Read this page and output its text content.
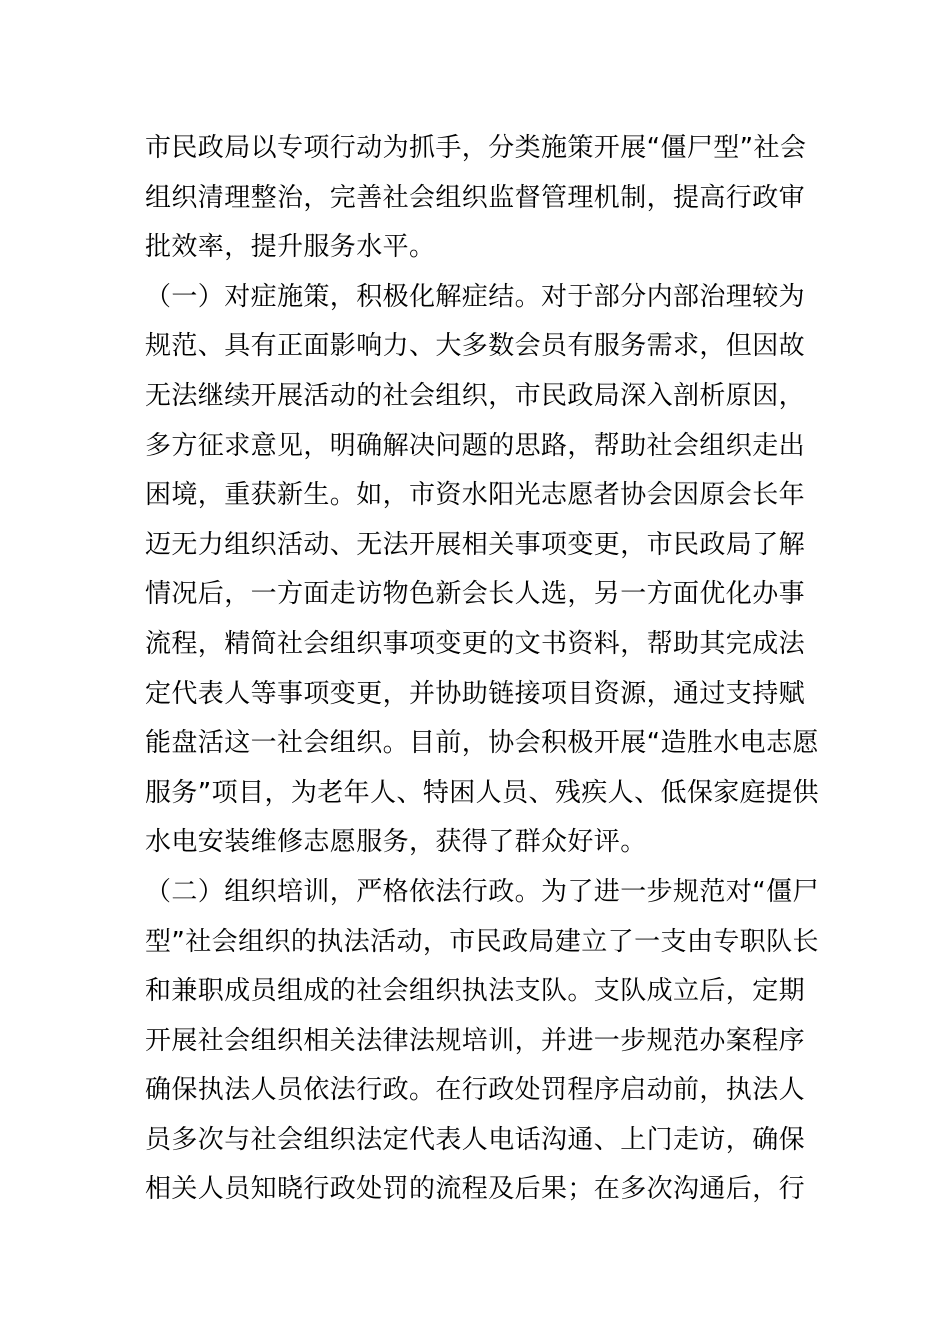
市民政局以专项行动为抓手，分类施策开展“僵尸型”社会
组织清理整治，完善社会组织监督管理机制，提高行政审
批效率，提升服务水平。
（一）对症施策，积极化解症结。对于部分内部治理较为
规范、具有正面影响力、大多数会员有服务需求，但因故
无法继续开展活动的社会组织，市民政局深入剖析原因，
多方征求意见，明确解决问题的思路，帮助社会组织走出
困境，重获新生。如，市资水阳光志愿者协会因原会长年
迈无力组织活动、无法开展相关事项变更，市民政局了解
情况后，一方面走访物色新会长人选，另一方面优化办事
流程，精简社会组织事项变更的文书资料，帮助其完成法
定代表人等事项变更，并协助链接项目资源，通过支持赋
能盘活这一社会组织。目前，协会积极开展“造胜水电志愿
服务”项目，为老年人、特困人员、残疾人、低保家庭提供
水电安装维修志愿服务，获得了群众好评。
（二）组织培训，严格依法行政。为了进一步规范对“僵尸
型”社会组织的执法活动，市民政局建立了一支由专职队长
和兼职成员组成的社会组织执法支队。支队成立后，定期
开展社会组织相关法律法规培训，并进一步规范办案程序
确保执法人员依法行政。在行政处罚程序启动前，执法人
员多次与社会组织法定代表人电话沟通、上门走访，确保
相关人员知晓行政处罚的流程及后果；在多次沟通后，行
